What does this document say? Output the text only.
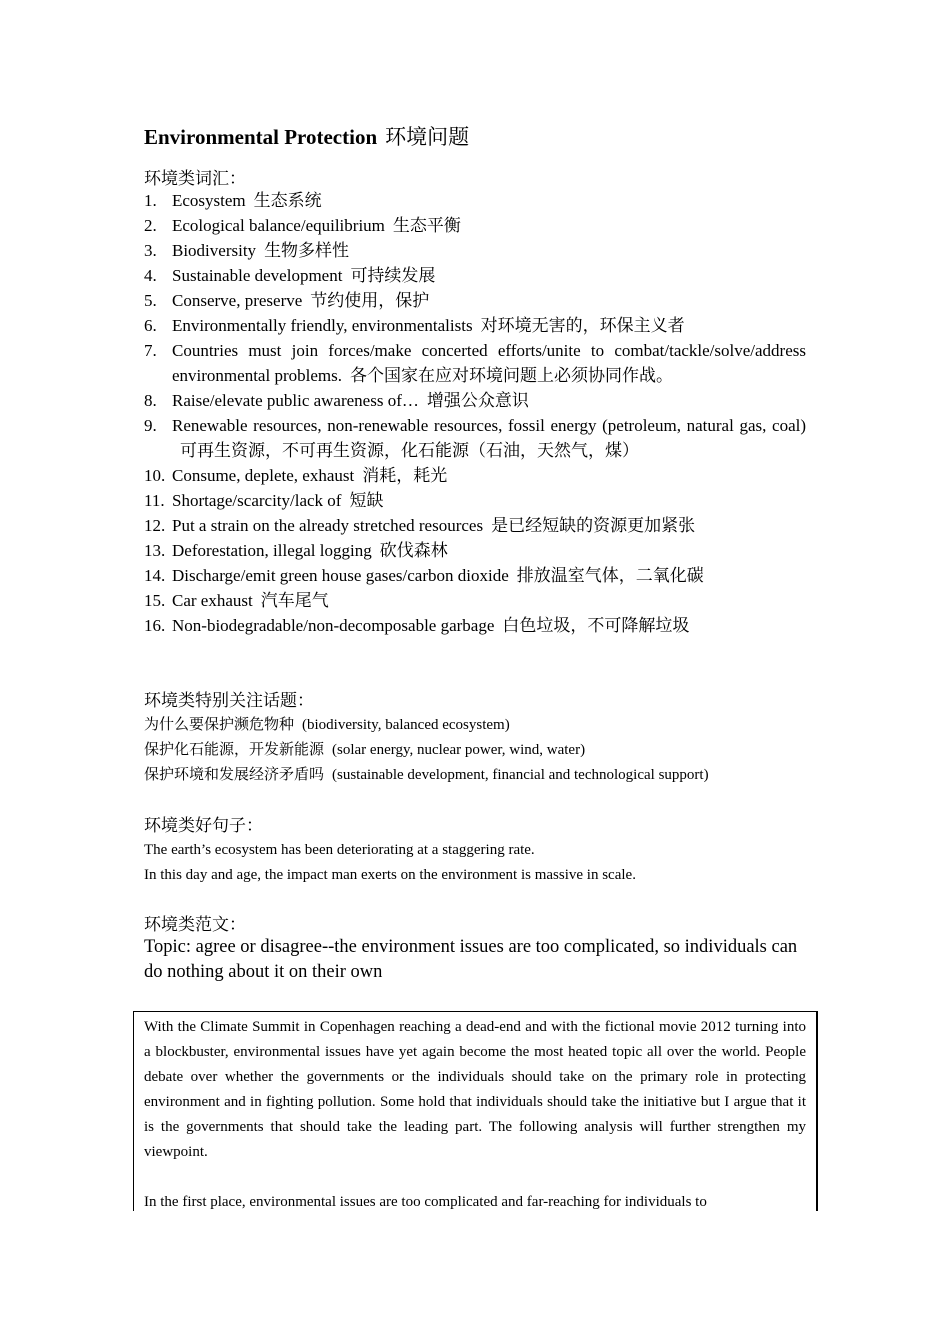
Environmental Protection 环境问题
环境类词汇：
1. Ecosystem 生态系统
2. Ecological balance/equilibrium 生态平衡
3. Biodiversity 生物多样性
4. Sustainable development 可持续发展
5. Conserve, preserve 节约使用，保护
6. Environmentally friendly, environmentalists 对环境无害的，环保主义者
7. Countries must join forces/make concerted efforts/unite to combat/tackle/solve/address environmental problems. 各个国家在应对环境问题上必须协同作战。
8. Raise/elevate public awareness of… 增强公众意识
9. Renewable resources, non-renewable resources, fossil energy (petroleum, natural gas, coal)可再生资源，不可再生资源，化石能源（石油，天然气，煤）
10. Consume, deplete, exhaust 消耗，耗光
11. Shortage/scarcity/lack of 短缺
12. Put a strain on the already stretched resources 是已经短缺的资源更加紧张
13. Deforestation, illegal logging 砍伐森林
14. Discharge/emit green house gases/carbon dioxide 排放温室气体，二氧化碳
15. Car exhaust 汽车尾气
16. Non-biodegradable/non-decomposable garbage 白色垃圾，不可降解垃圾
环境类特别关注话题：
为什么要保护濒危物种 (biodiversity, balanced ecosystem)
保护化石能源，开发新能源 (solar energy, nuclear power, wind, water)
保护环境和发展经济矛盾吗 (sustainable development, financial and technological support)
环境类好句子：
The earth’s ecosystem has been deteriorating at a staggering rate.
In this day and age, the impact man exerts on the environment is massive in scale.
环境类范文：
Topic: agree or disagree--the environment issues are too complicated, so individuals can do nothing about it on their own

With the Climate Summit in Copenhagen reaching a dead-end and with the fictional movie 2012 turning into a blockbuster, environmental issues have yet again become the most heated topic all over the world. People debate over whether the governments or the individuals should take on the primary role in protecting environment and in fighting pollution. Some hold that individuals should take the initiative but I argue that it is the governments that should take the leading part. The following analysis will further strengthen my viewpoint.

In the first place, environmental issues are too complicated and far-reaching for individuals to
